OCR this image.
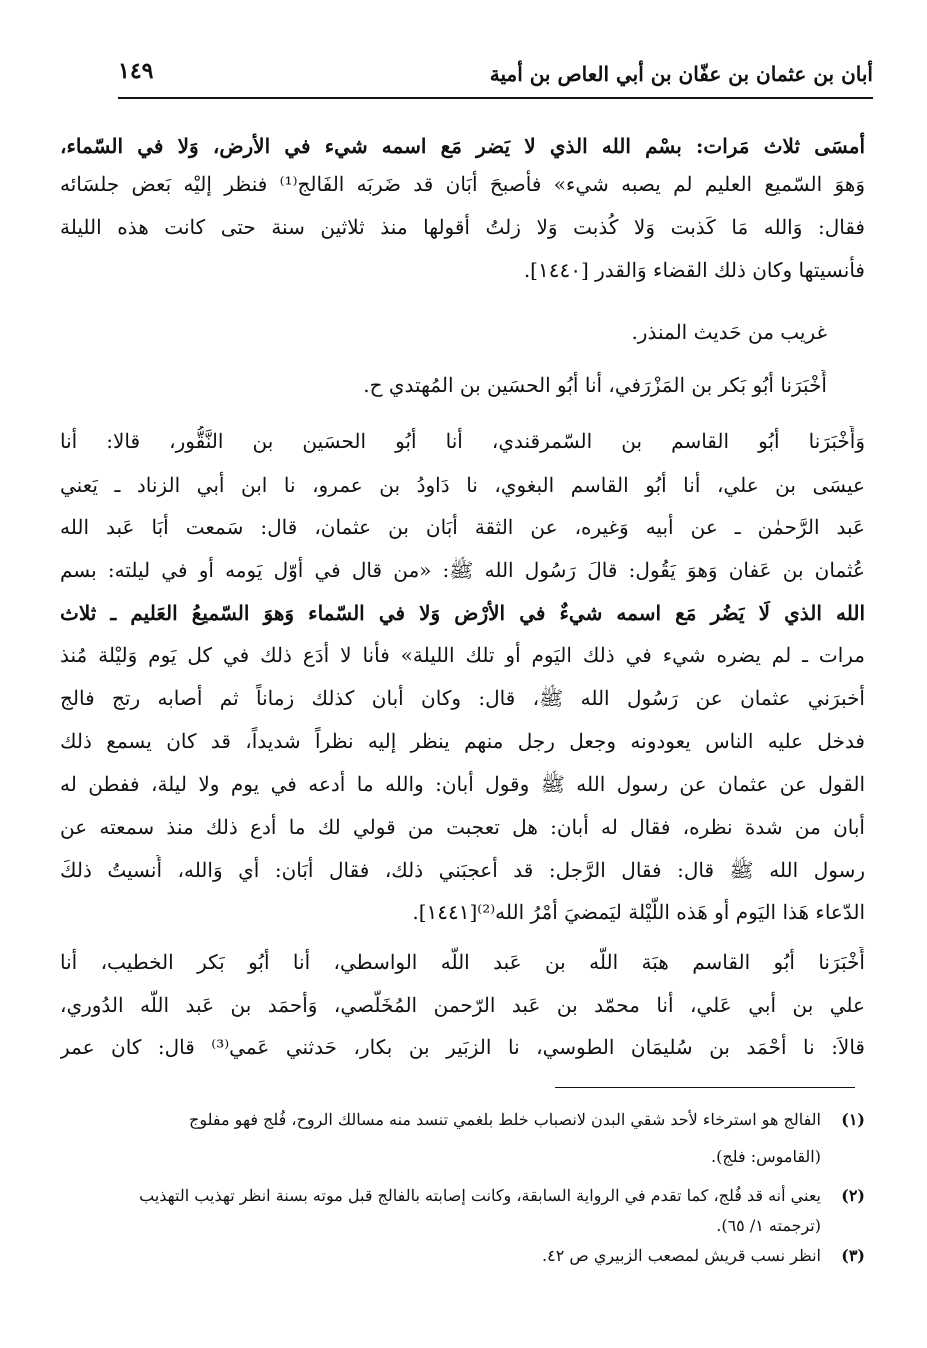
أبان بن عثمان بن عفّان بن أبي العاص بن أمية
١٤٩
أمسَى ثلاث مَرات: بسْم الله الذي لا يَضر مَع اسمه شيء في الأرض، وَلا في السّماء،
وَهوَ السّميع العليم لم يصبه شيء» فأصبحَ أبَان قد ضَربَه الفَالج⁽¹⁾ فنظر إليْه بَعض جلسَائه
فقال: وَالله مَا كَذبت وَلا كُذبت وَلا زلتُ أقولها منذ ثلاثين سنة حتى كانت هذه الليلة
فأُنسيتها وكان ذلك القضاء وَالقدر [١٤٤٠].
غريب من حَديث المنذر.
أَخْبَرَنا أبُو بَكر بن المَزْرَفي، أنا أبُو الحسَين بن المُهتدي ح.
وَأَخْبَرَنا أبُو القاسم بن السّمرقندي، أنا أبُو الحسَين بن النَّقُّور، قالا: أنا
عيسَى بن علي، أنا أبُو القاسم البغوي، نا دَاودُ بن عمرو، نا ابن أبي الزناد ـ يَعني
عَبد الرَّحمٰن ـ عن أبيه وَغيره، عن الثقة أبَان بن عثمان، قال: سَمعت أبَا عَبد الله
عُثمان بن عَفان وَهوَ يَقُول: قالَ رَسُول الله ﷺ: «من قال في أوّل يَومه أو في ليلته: بسم
الله الذي لَا يَضُر مَع اسمه شيءٌ في الأرْض وَلا في السّماء وَهوَ السّميعُ العَليم ـ ثلاث
مرات ـ لم يضره شيء في ذلك اليَوم أو تلك الليلة» فأنا لا أدَع ذلك في كل يَوم وَليْلة مُنذ
أخبرَني عثمان عن رَسُول الله ﷺ، قال: وكان أبان كذلك زماناً ثم أصابه رتج فالج
فدخل عليه الناس يعودونه وجعل رجل منهم ينظر إليه نظراً شديداً، قد كان يسمع ذلك
القول عن عثمان عن رسول الله ﷺ وقول أبان: والله ما أدعه في يوم ولا ليلة، ففطن له
أبان من شدة نظره، فقال له أبان: هل تعجبت من قولي لك ما أدع ذلك منذ سمعته عن
رسول الله ﷺ قال: فقال الرَّجل: قد أعجبَني ذلك، فقال أبَان: أي وَالله، أُنسيتُ ذلكَ
الدّعاء هَذا اليَوم أو هَذه اللّيْلة ليَمضيَ أمْرُ الله⁽²⁾[١٤٤١].
أَخْبَرَنا أبُو القاسم هبَة اللّه بن عَبد اللّه الواسطي، أنا أبُو بَكر الخطيب، أنا
علي بن أبي عَلي، أنا محمّد بن عَبد الرّحمن المُخَلّصي، وَأحمَد بن عَبد اللّه الدُوري،
قالاَ: نا أحْمَد بن سُليمَان الطوسي، نا الزبَير بن بكار، حَدثني عَمي⁽³⁾ قال: كان عمر
(١)الفالج هو استرخاء لأحد شقي البدن لانصباب خلط بلغمي تنسد منه مسالك الروح، فُلج فهو مفلوج
(القاموس: فلج).
(٢)يعني أنه قد فُلج، كما تقدم في الرواية السابقة، وكانت إصابته بالفالج قبل موته بسنة انظر تهذيب التهذيب
(ترجمته ١/ ٦٥).
(٣)انظر نسب قريش لمصعب الزبيري ص ٤٢.
